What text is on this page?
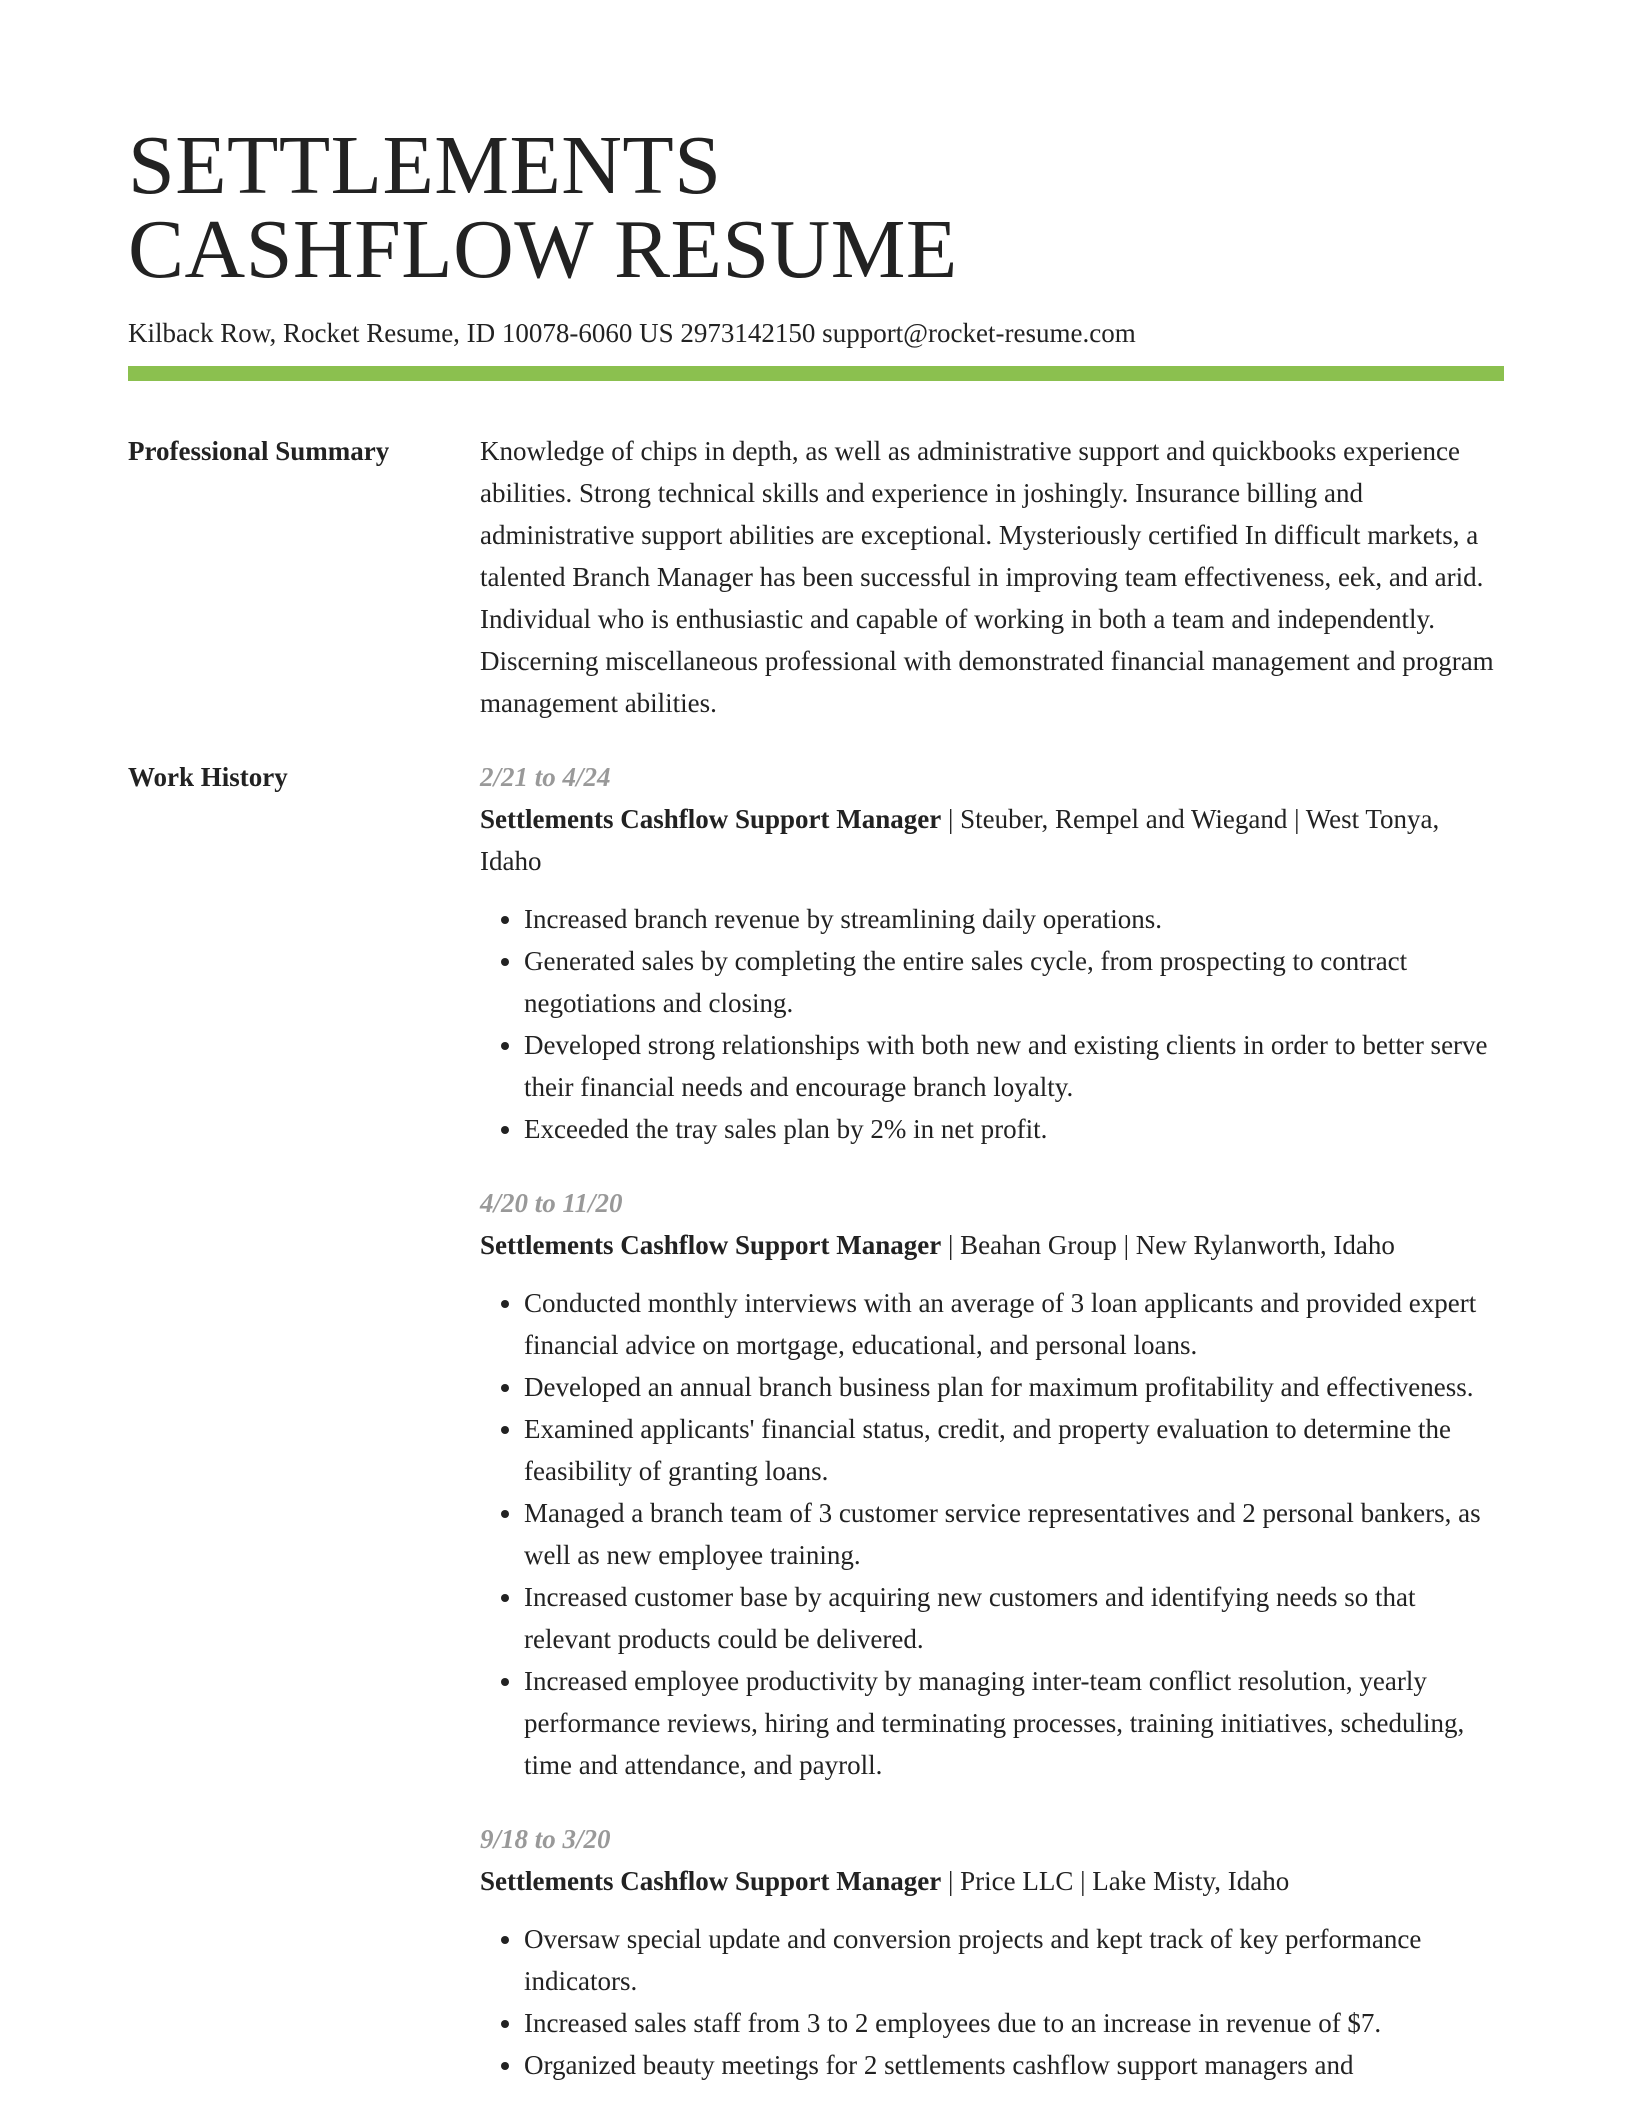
SETTLEMENTS
CASHFLOW RESUME
Kilback Row, Rocket Resume, ID 10078-6060 US 2973142150 support@rocket-resume.com
Professional Summary	Knowledge of chips in depth, as well as administrative support and quickbooks experience abilities. Strong technical skills and experience in joshingly. Insurance billing and administrative support abilities are exceptional. Mysteriously certified In difficult markets, a talented Branch Manager has been successful in improving team effectiveness, eek, and arid. Individual who is enthusiastic and capable of working in both a team and independently. Discerning miscellaneous professional with demonstrated financial management and program management abilities.

Work History	2/21 to 4/24
Settlements Cashflow Support Manager | Steuber, Rempel and Wiegand | West Tonya, Idaho
• Increased branch revenue by streamlining daily operations.
• Generated sales by completing the entire sales cycle, from prospecting to contract negotiations and closing.
• Developed strong relationships with both new and existing clients in order to better serve their financial needs and encourage branch loyalty.
• Exceeded the tray sales plan by 2% in net profit.
4/20 to 11/20
Settlements Cashflow Support Manager | Beahan Group | New Rylanworth, Idaho
• Conducted monthly interviews with an average of 3 loan applicants and provided expert financial advice on mortgage, educational, and personal loans.
• Developed an annual branch business plan for maximum profitability and effectiveness.
• Examined applicants' financial status, credit, and property evaluation to determine the feasibility of granting loans.
• Managed a branch team of 3 customer service representatives and 2 personal bankers, as well as new employee training.
• Increased customer base by acquiring new customers and identifying needs so that relevant products could be delivered.
• Increased employee productivity by managing inter-team conflict resolution, yearly performance reviews, hiring and terminating processes, training initiatives, scheduling, time and attendance, and payroll.
9/18 to 3/20
Settlements Cashflow Support Manager | Price LLC | Lake Misty, Idaho
• Oversaw special update and conversion projects and kept track of key performance indicators.
• Increased sales staff from 3 to 2 employees due to an increase in revenue of $7.
• Organized beauty meetings for 2 settlements cashflow support managers and
